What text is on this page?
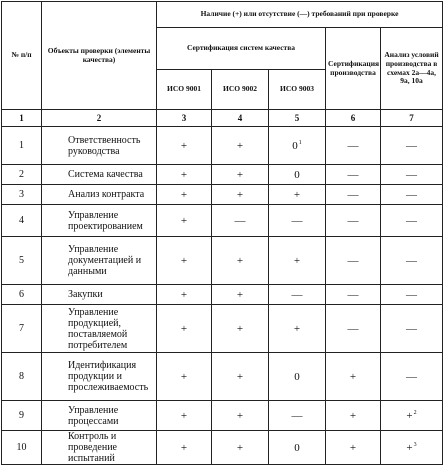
№ п/п	Объекты проверки (элементы качества)	Наличие (+) или отсутствие (—) требований при проверке				
		Сертификация систем качества			Сертификация производства	Анализ условий производства в схемах 2а—4а, 9а, 10а
		ИСО 9001	ИСО 9002	ИСО 9003		
1	2	3	4	5	6	7
1	Ответственность руководства	+	+	$0^1$	—	—
2	Система качества	+	+	0	—	—
3	Анализ контракта	+	+	+	—	—
4	Управление проектированием	+	—	—	—	—
5	Управление документацией и данными	+	+	+	—	—
6	Закупки	+	+	—	—	—
7	Управление продукцией, поставляемой потребителем	+	+	+	—	—
8	Идентификация продукции и прослеживаемость	+	+	0	+	—
9	Управление процессами	+	+	—	+	+$^2$
10	Контроль и проведение испытаний	+	+	0	+	+$^3$
